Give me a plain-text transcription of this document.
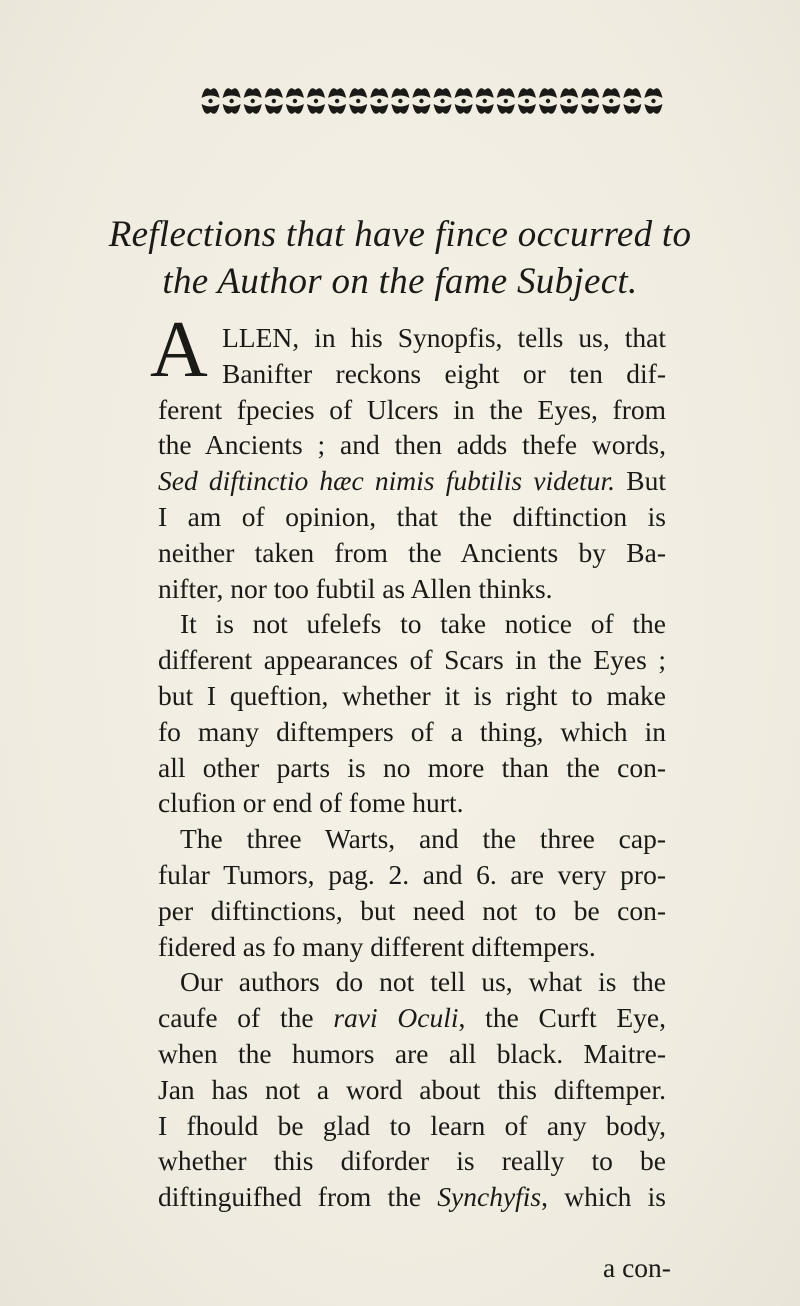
Reflections that have fince occurred to
the Author on the fame Subject.
A LLEN, in his Synopfis, tells us, that
Banifter reckons eight or ten dif-
ferent fpecies of Ulcers in the Eyes, from
the Ancients ; and then adds thefe words,
Sed diftinctio hæc nimis fubtilis videtur. But
I am of opinion, that the diftinction is
neither taken from the Ancients by Ba-
nifter, nor too fubtil as Allen thinks.
It is not ufelefs to take notice of the
different appearances of Scars in the Eyes ;
but I queftion, whether it is right to make
fo many diftempers of a thing, which in
all other parts is no more than the con-
clufion or end of fome hurt.
The three Warts, and the three cap-
fular Tumors, pag. 2. and 6. are very pro-
per diftinctions, but need not to be con-
fidered as fo many different diftempers.
Our authors do not tell us, what is the
caufe of the ravi Oculi, the Curft Eye,
when the humors are all black. Maitre-
Jan has not a word about this diftemper.
I fhould be glad to learn of any body,
whether this diforder is really to be
diftinguifhed from the Synchyfis, which is
a con-
